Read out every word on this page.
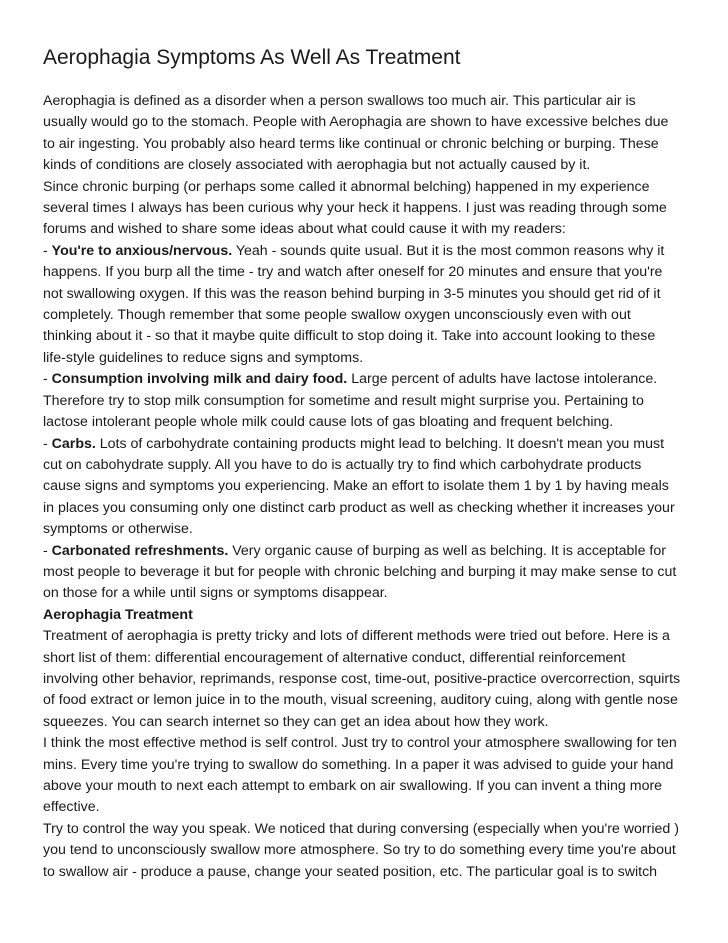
Aerophagia Symptoms As Well As Treatment
Aerophagia is defined as a disorder when a person swallows too much air. This particular air is
usually would go to the stomach. People with Aerophagia are shown to have excessive belches due
to air ingesting. You probably also heard terms like continual or chronic belching or burping. These
kinds of conditions are closely associated with aerophagia but not actually caused by it.
Since chronic burping (or perhaps some called it abnormal belching) happened in my experience
several times I always has been curious why your heck it happens. I just was reading through some
forums and wished to share some ideas about what could cause it with my readers:
- You're to anxious/nervous. Yeah - sounds quite usual. But it is the most common reasons why it
happens. If you burp all the time - try and watch after oneself for 20 minutes and ensure that you're
not swallowing oxygen. If this was the reason behind burping in 3-5 minutes you should get rid of it
completely. Though remember that some people swallow oxygen unconsciously even with out
thinking about it - so that it maybe quite difficult to stop doing it. Take into account looking to these
life-style guidelines to reduce signs and symptoms.
- Consumption involving milk and dairy food. Large percent of adults have lactose intolerance.
Therefore try to stop milk consumption for sometime and result might surprise you. Pertaining to
lactose intolerant people whole milk could cause lots of gas bloating and frequent belching.
- Carbs. Lots of carbohydrate containing products might lead to belching. It doesn't mean you must
cut on cabohydrate supply. All you have to do is actually try to find which carbohydrate products
cause signs and symptoms you experiencing. Make an effort to isolate them 1 by 1 by having meals
in places you consuming only one distinct carb product as well as checking whether it increases your
symptoms or otherwise.
- Carbonated refreshments. Very organic cause of burping as well as belching. It is acceptable for
most people to beverage it but for people with chronic belching and burping it may make sense to cut
on those for a while until signs or symptoms disappear.
Aerophagia Treatment
Treatment of aerophagia is pretty tricky and lots of different methods were tried out before. Here is a
short list of them: differential encouragement of alternative conduct, differential reinforcement
involving other behavior, reprimands, response cost, time-out, positive-practice overcorrection, squirts
of food extract or lemon juice in to the mouth, visual screening, auditory cuing, along with gentle nose
squeezes. You can search internet so they can get an idea about how they work.
I think the most effective method is self control. Just try to control your atmosphere swallowing for ten
mins. Every time you're trying to swallow do something. In a paper it was advised to guide your hand
above your mouth to next each attempt to embark on air swallowing. If you can invent a thing more
effective.
Try to control the way you speak. We noticed that during conversing (especially when you're worried )
you tend to unconsciously swallow more atmosphere. So try to do something every time you're about
to swallow air - produce a pause, change your seated position, etc. The particular goal is to switch
